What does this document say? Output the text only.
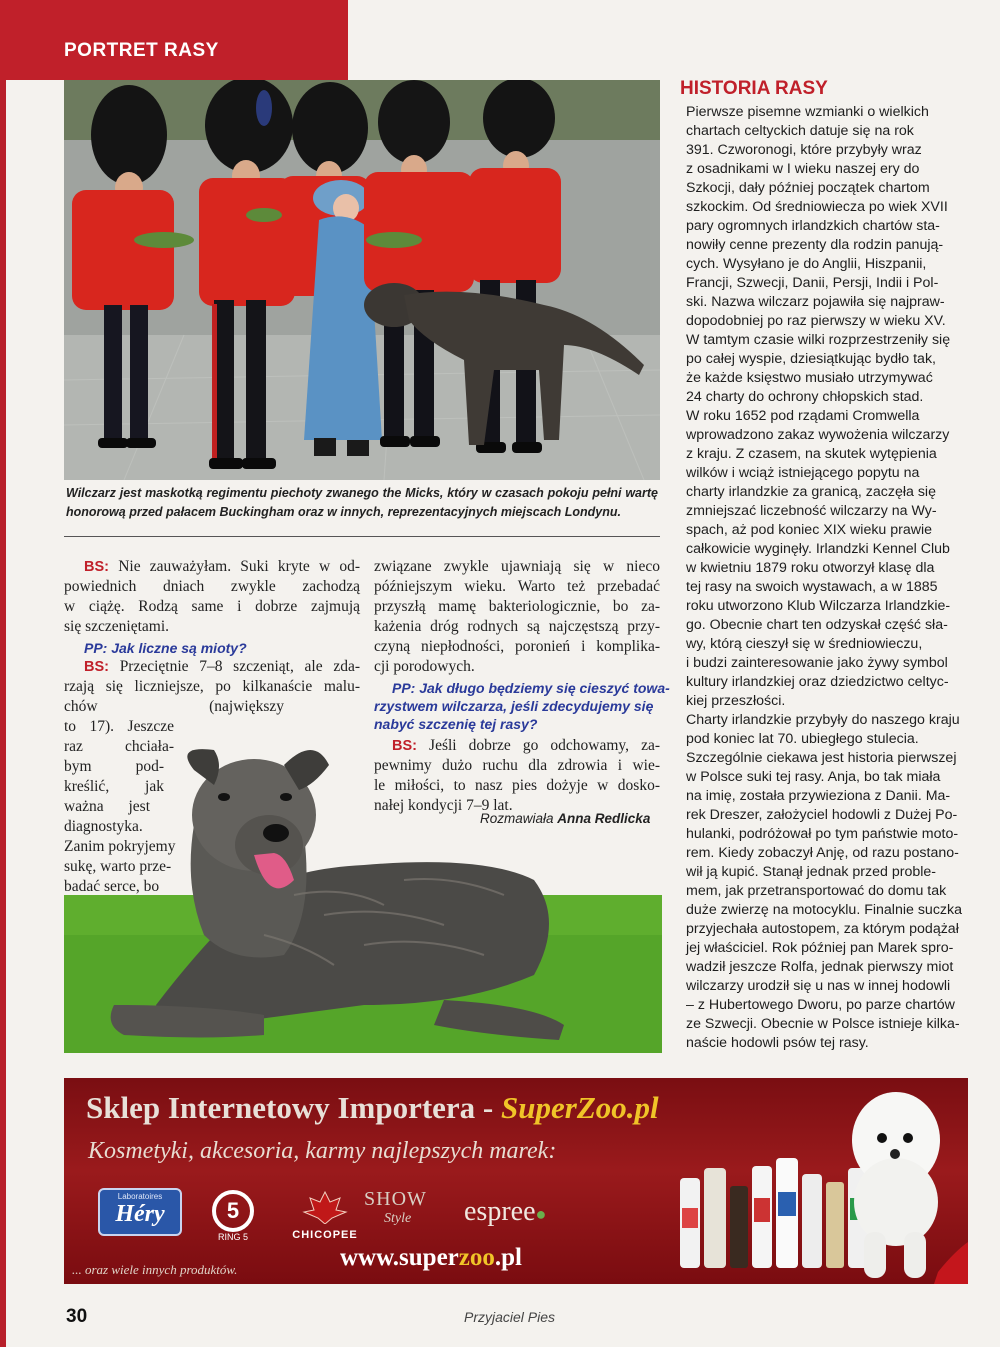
PORTRET RASY
Wilczarz jest maskotką regimentu piechoty zwanego the Micks, który w czasach pokoju pełni wartę honorową przed pałacem Buckingham oraz w innych, reprezentacyjnych miejscach Londynu.
BS: Nie zauważyłam. Suki kryte w od-
powiednich dniach zwykle zachodzą
w ciążę. Rodzą same i dobrze zajmują
się szczeniętami.
PP: Jak liczne są mioty?
BS: Przeciętnie 7–8 szczeniąt, ale zda-
rzają się liczniejsze, po kilkanaście malu-
chów (największy
to 17). Jeszcze
raz chciała-
bym pod-
kreślić, jak
ważna jest
diagnostyka.
Zanim pokryjemy
sukę, warto prze-
badać serce, bo
związane zwykle ujawniają się w nieco
późniejszym wieku. Warto też przebadać
przyszłą mamę bakteriologicznie, bo za-
każenia dróg rodnych są najczęstszą przy-
czyną niepłodności, poronień i komplika-
cji porodowych.
PP: Jak długo będziemy się cieszyć towa-
rzystwem wilczarza, jeśli zdecydujemy się
nabyć szczenię tej rasy?
BS: Jeśli dobrze go odchowamy, za-
pewnimy dużo ruchu dla zdrowia i wie-
le miłości, to nasz pies dożyje w dosko-
nałej kondycji 7–9 lat.
Rozmawiała Anna Redlicka
HISTORIA RASY
Pierwsze pisemne wzmianki o wielkich
chartach celtyckich datuje się na rok
391. Czworonogi, które przybyły wraz
z osadnikami w I wieku naszej ery do
Szkocji, dały później początek chartom
szkockim. Od średniowiecza po wiek XVII
pary ogromnych irlandzkich chartów sta-
nowiły cenne prezenty dla rodzin panują-
cych. Wysyłano je do Anglii, Hiszpanii,
Francji, Szwecji, Danii, Persji, Indii i Pol-
ski. Nazwa wilczarz pojawiła się najpraw-
dopodobniej po raz pierwszy w wieku XV.
W tamtym czasie wilki rozprzestrzeniły się
po całej wyspie, dziesiątkując bydło tak,
że każde księstwo musiało utrzymywać
24 charty do ochrony chłopskich stad.
W roku 1652 pod rządami Cromwella
wprowadzono zakaz wywożenia wilczarzy
z kraju. Z czasem, na skutek wytępienia
wilków i wciąż istniejącego popytu na
charty irlandzkie za granicą, zaczęła się
zmniejszać liczebność wilczarzy na Wy-
spach, aż pod koniec XIX wieku prawie
całkowicie wyginęły. Irlandzki Kennel Club
w kwietniu 1879 roku otworzył klasę dla
tej rasy na swoich wystawach, a w 1885
roku utworzono Klub Wilczarza Irlandzkie-
go. Obecnie chart ten odzyskał część sła-
wy, którą cieszył się w średniowieczu,
i budzi zainteresowanie jako żywy symbol
kultury irlandzkiej oraz dziedzictwo celtyc-
kiej przeszłości.
Charty irlandzkie przybyły do naszego kraju
pod koniec lat 70. ubiegłego stulecia.
Szczególnie ciekawa jest historia pierwszej
w Polsce suki tej rasy. Anja, bo tak miała
na imię, została przywieziona z Danii. Ma-
rek Dreszer, założyciel hodowli z Dużej Po-
hulanki, podróżował po tym państwie moto-
rem. Kiedy zobaczył Anję, od razu postano-
wił ją kupić. Stanął jednak przed proble-
mem, jak przetransportować do domu tak
duże zwierzę na motocyklu. Finalnie suczka
przyjechała autostopem, za którym podążał
jej właściciel. Rok później pan Marek spro-
wadził jeszcze Rolfa, jednak pierwszy miot
wilczarzy urodził się u nas w innej hodowli
– z Hubertowego Dworu, po parze chartów
ze Szwecji. Obecnie w Polsce istnieje kilka-
naście hodowli psów tej rasy.
Sklep Internetowy Importera - SuperZoo.pl
Kosmetyki, akcesoria, karmy najlepszych marek:
Laboratoires
Héry	5
RING 5	CHICOPEE
SHOW
Style	espree●
... oraz wiele innych produktów.	www.superzoo.pl
30	Przyjaciel Pies
